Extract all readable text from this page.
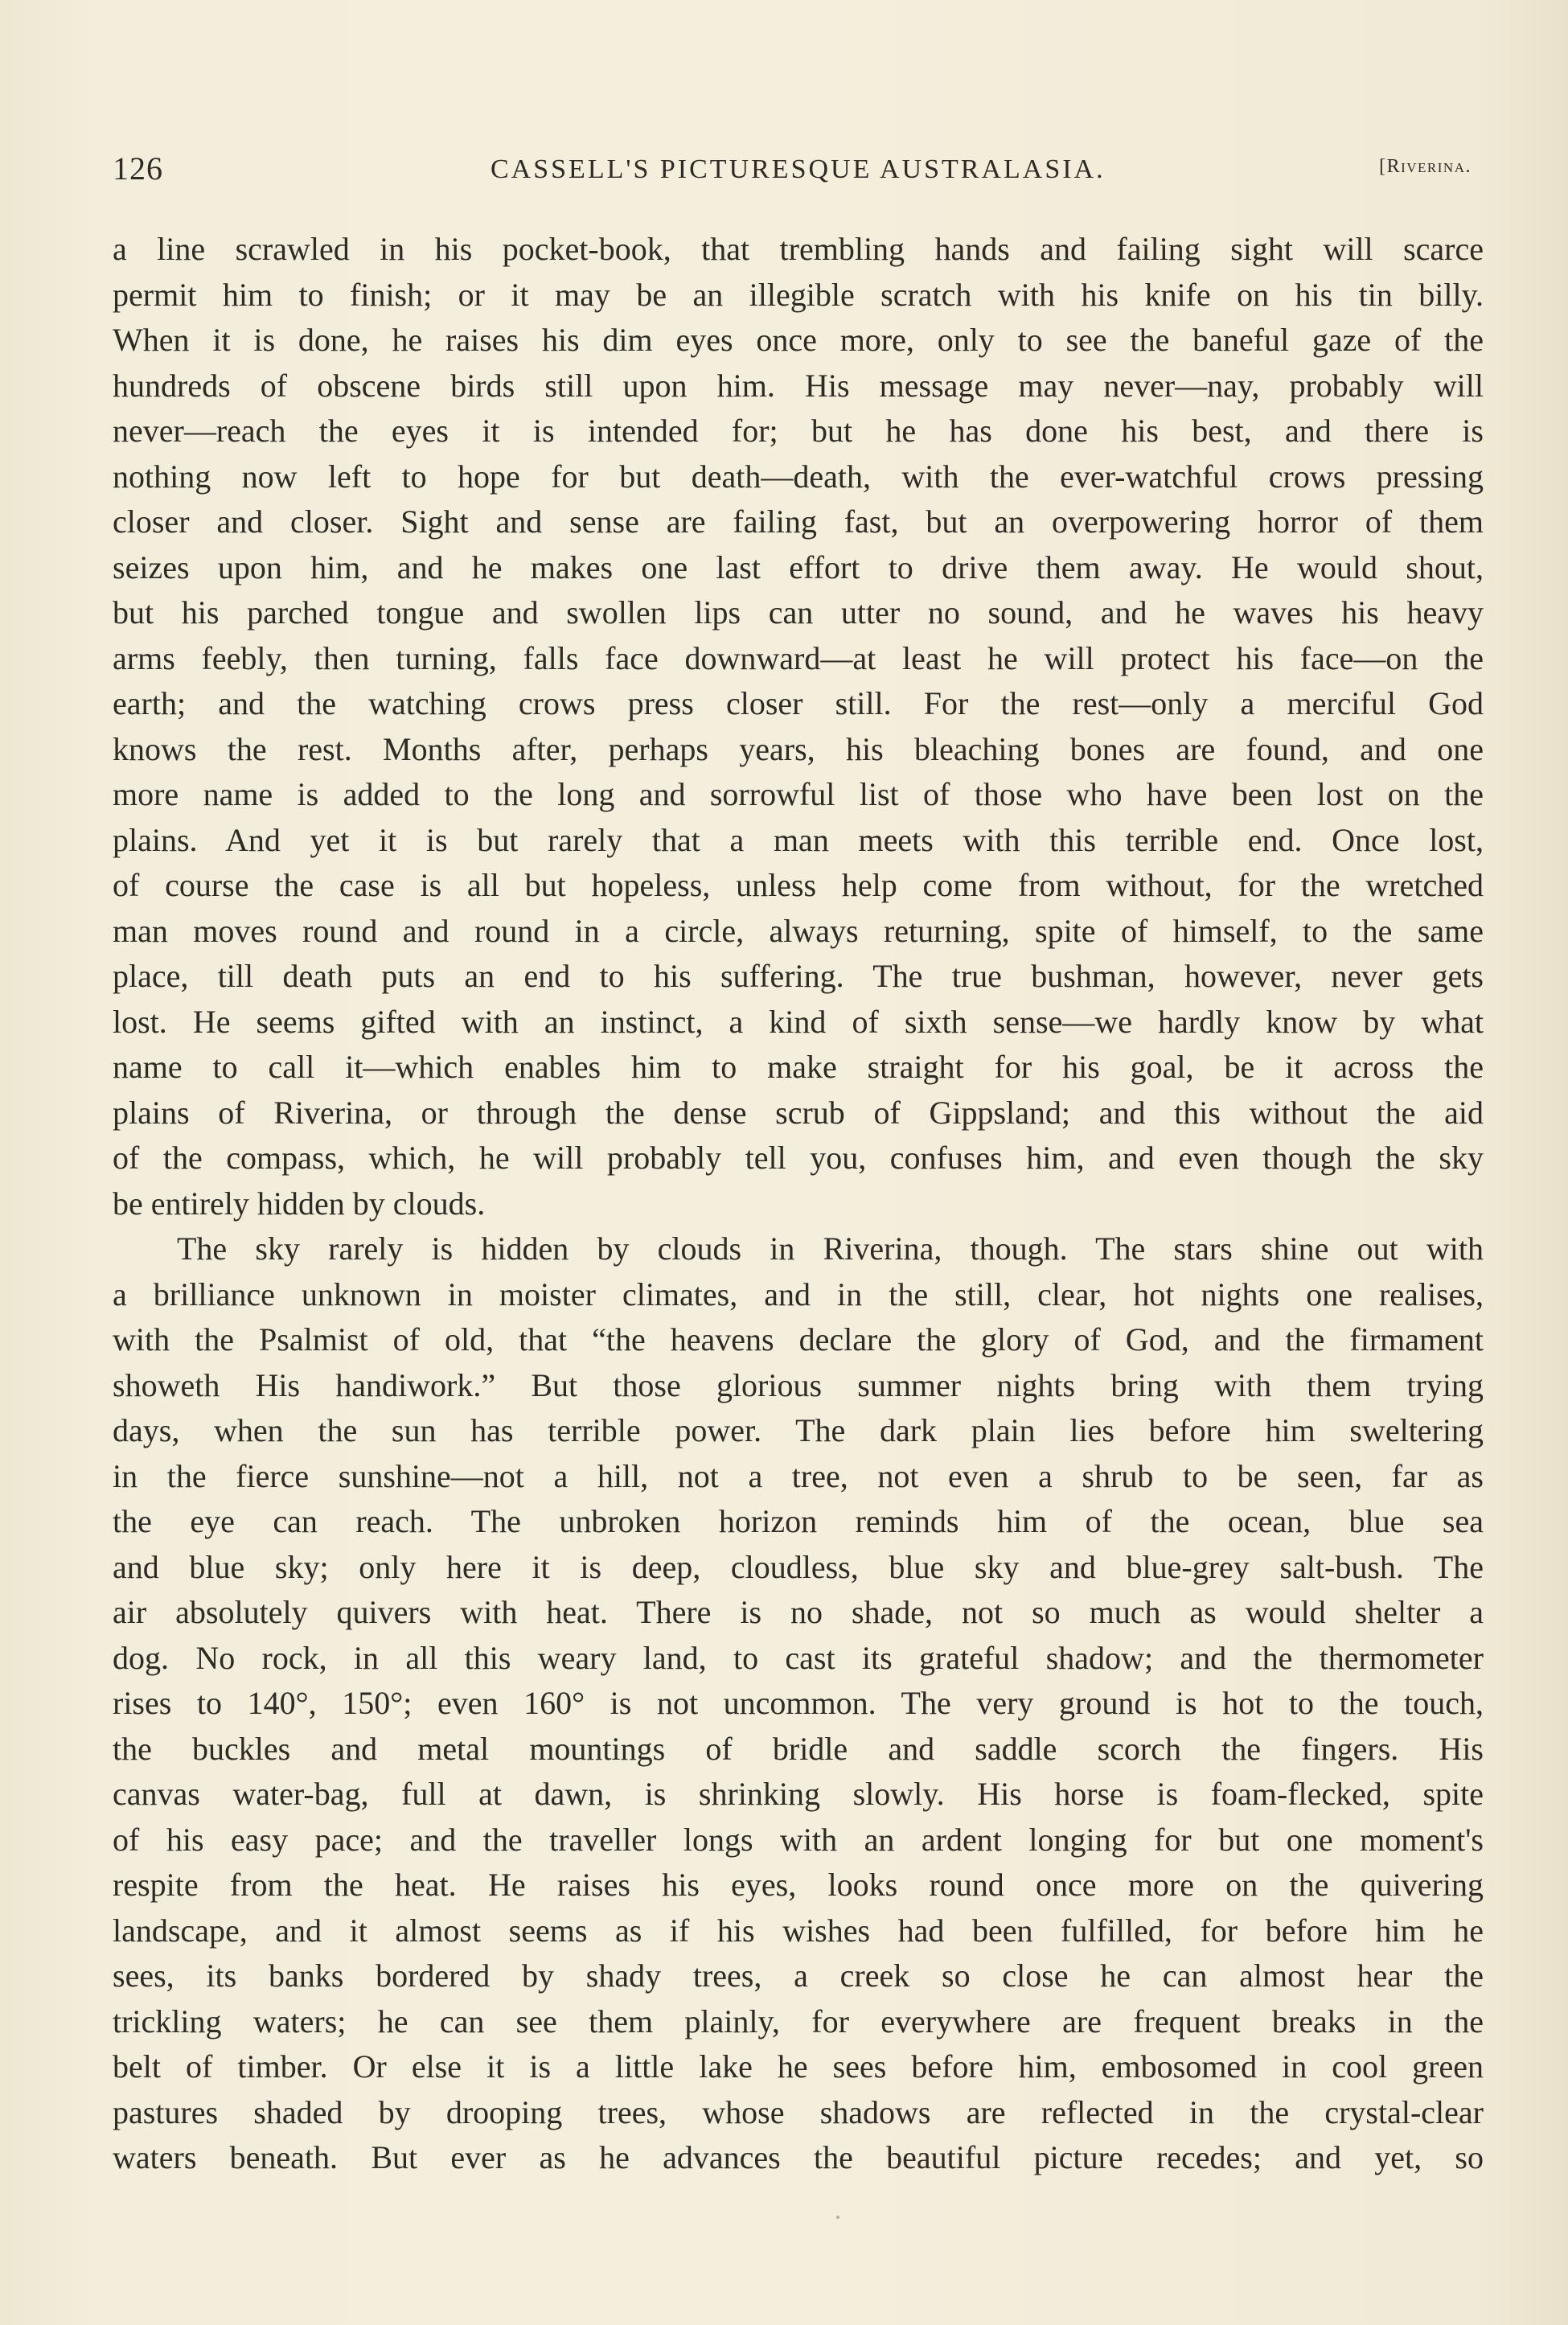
126	CASSELL'S PICTURESQUE AUSTRALASIA.	[Riverina.
a line scrawled in his pocket-book, that trembling hands and failing sight will scarce
permit him to finish; or it may be an illegible scratch with his knife on his tin billy.
When it is done, he raises his dim eyes once more, only to see the baneful gaze of the
hundreds of obscene birds still upon him. His message may never—nay, probably will
never—reach the eyes it is intended for; but he has done his best, and there is
nothing now left to hope for but death—death, with the ever-watchful crows pressing
closer and closer. Sight and sense are failing fast, but an overpowering horror of them
seizes upon him, and he makes one last effort to drive them away. He would shout,
but his parched tongue and swollen lips can utter no sound, and he waves his heavy
arms feebly, then turning, falls face downward—at least he will protect his face—on the
earth; and the watching crows press closer still. For the rest—only a merciful God
knows the rest. Months after, perhaps years, his bleaching bones are found, and one
more name is added to the long and sorrowful list of those who have been lost on the
plains. And yet it is but rarely that a man meets with this terrible end. Once lost,
of course the case is all but hopeless, unless help come from without, for the wretched
man moves round and round in a circle, always returning, spite of himself, to the same
place, till death puts an end to his suffering. The true bushman, however, never gets
lost. He seems gifted with an instinct, a kind of sixth sense—we hardly know by what
name to call it—which enables him to make straight for his goal, be it across the
plains of Riverina, or through the dense scrub of Gippsland; and this without the aid
of the compass, which, he will probably tell you, confuses him, and even though the sky
be entirely hidden by clouds.
The sky rarely is hidden by clouds in Riverina, though. The stars shine out with
a brilliance unknown in moister climates, and in the still, clear, hot nights one realises,
with the Psalmist of old, that “the heavens declare the glory of God, and the firmament
showeth His handiwork.” But those glorious summer nights bring with them trying
days, when the sun has terrible power. The dark plain lies before him sweltering
in the fierce sunshine—not a hill, not a tree, not even a shrub to be seen, far as
the eye can reach. The unbroken horizon reminds him of the ocean, blue sea
and blue sky; only here it is deep, cloudless, blue sky and blue-grey salt-bush. The
air absolutely quivers with heat. There is no shade, not so much as would shelter a
dog. No rock, in all this weary land, to cast its grateful shadow; and the thermometer
rises to 140°, 150°; even 160° is not uncommon. The very ground is hot to the touch,
the buckles and metal mountings of bridle and saddle scorch the fingers. His
canvas water-bag, full at dawn, is shrinking slowly. His horse is foam-flecked, spite
of his easy pace; and the traveller longs with an ardent longing for but one moment's
respite from the heat. He raises his eyes, looks round once more on the quivering
landscape, and it almost seems as if his wishes had been fulfilled, for before him he
sees, its banks bordered by shady trees, a creek so close he can almost hear the
trickling waters; he can see them plainly, for everywhere are frequent breaks in the
belt of timber. Or else it is a little lake he sees before him, embosomed in cool green
pastures shaded by drooping trees, whose shadows are reflected in the crystal-clear
waters beneath. But ever as he advances the beautiful picture recedes; and yet, so
